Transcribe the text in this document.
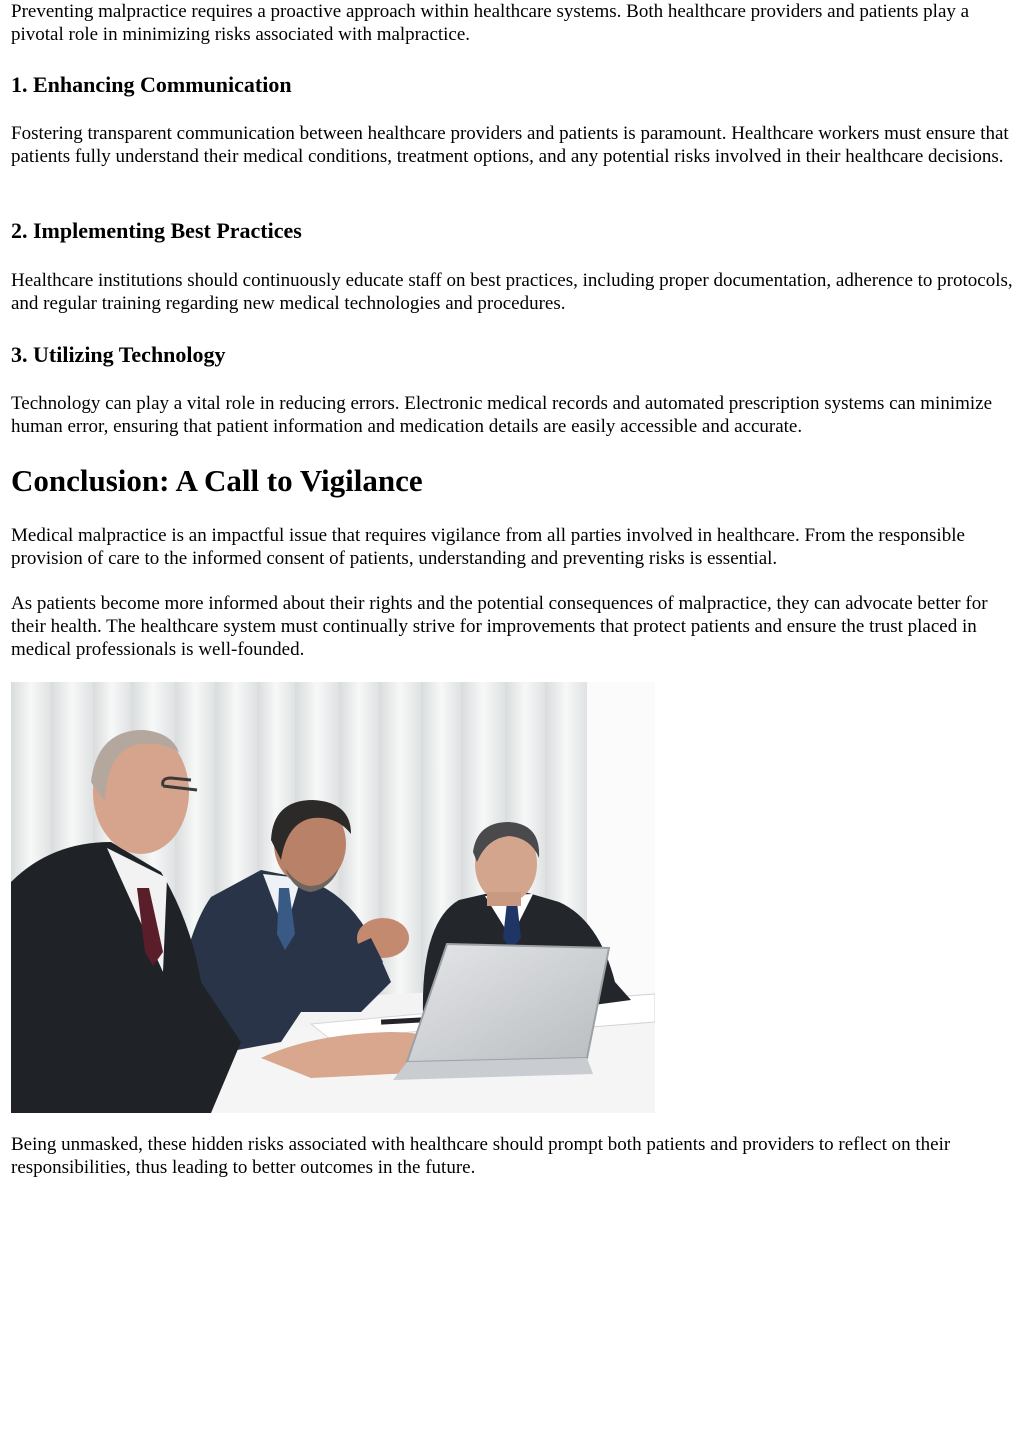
Preventing malpractice requires a proactive approach within healthcare systems. Both healthcare providers and patients play a pivotal role in minimizing risks associated with malpractice.

1. Enhancing Communication

Fostering transparent communication between healthcare providers and patients is paramount. Healthcare workers must ensure that patients fully understand their medical conditions, treatment options, and any potential risks involved in their healthcare decisions.

2. Implementing Best Practices

Healthcare institutions should continuously educate staff on best practices, including proper documentation, adherence to protocols, and regular training regarding new medical technologies and procedures.

3. Utilizing Technology

Technology can play a vital role in reducing errors. Electronic medical records and automated prescription systems can minimize human error, ensuring that patient information and medication details are easily accessible and accurate.

Conclusion: A Call to Vigilance

Medical malpractice is an impactful issue that requires vigilance from all parties involved in healthcare. From the responsible provision of care to the informed consent of patients, understanding and preventing risks is essential.

As patients become more informed about their rights and the potential consequences of malpractice, they can advocate better for their health. The healthcare system must continually strive for improvements that protect patients and ensure the trust placed in medical professionals is well-founded.

Being unmasked, these hidden risks associated with healthcare should prompt both patients and providers to reflect on their responsibilities, thus leading to better outcomes in the future.
